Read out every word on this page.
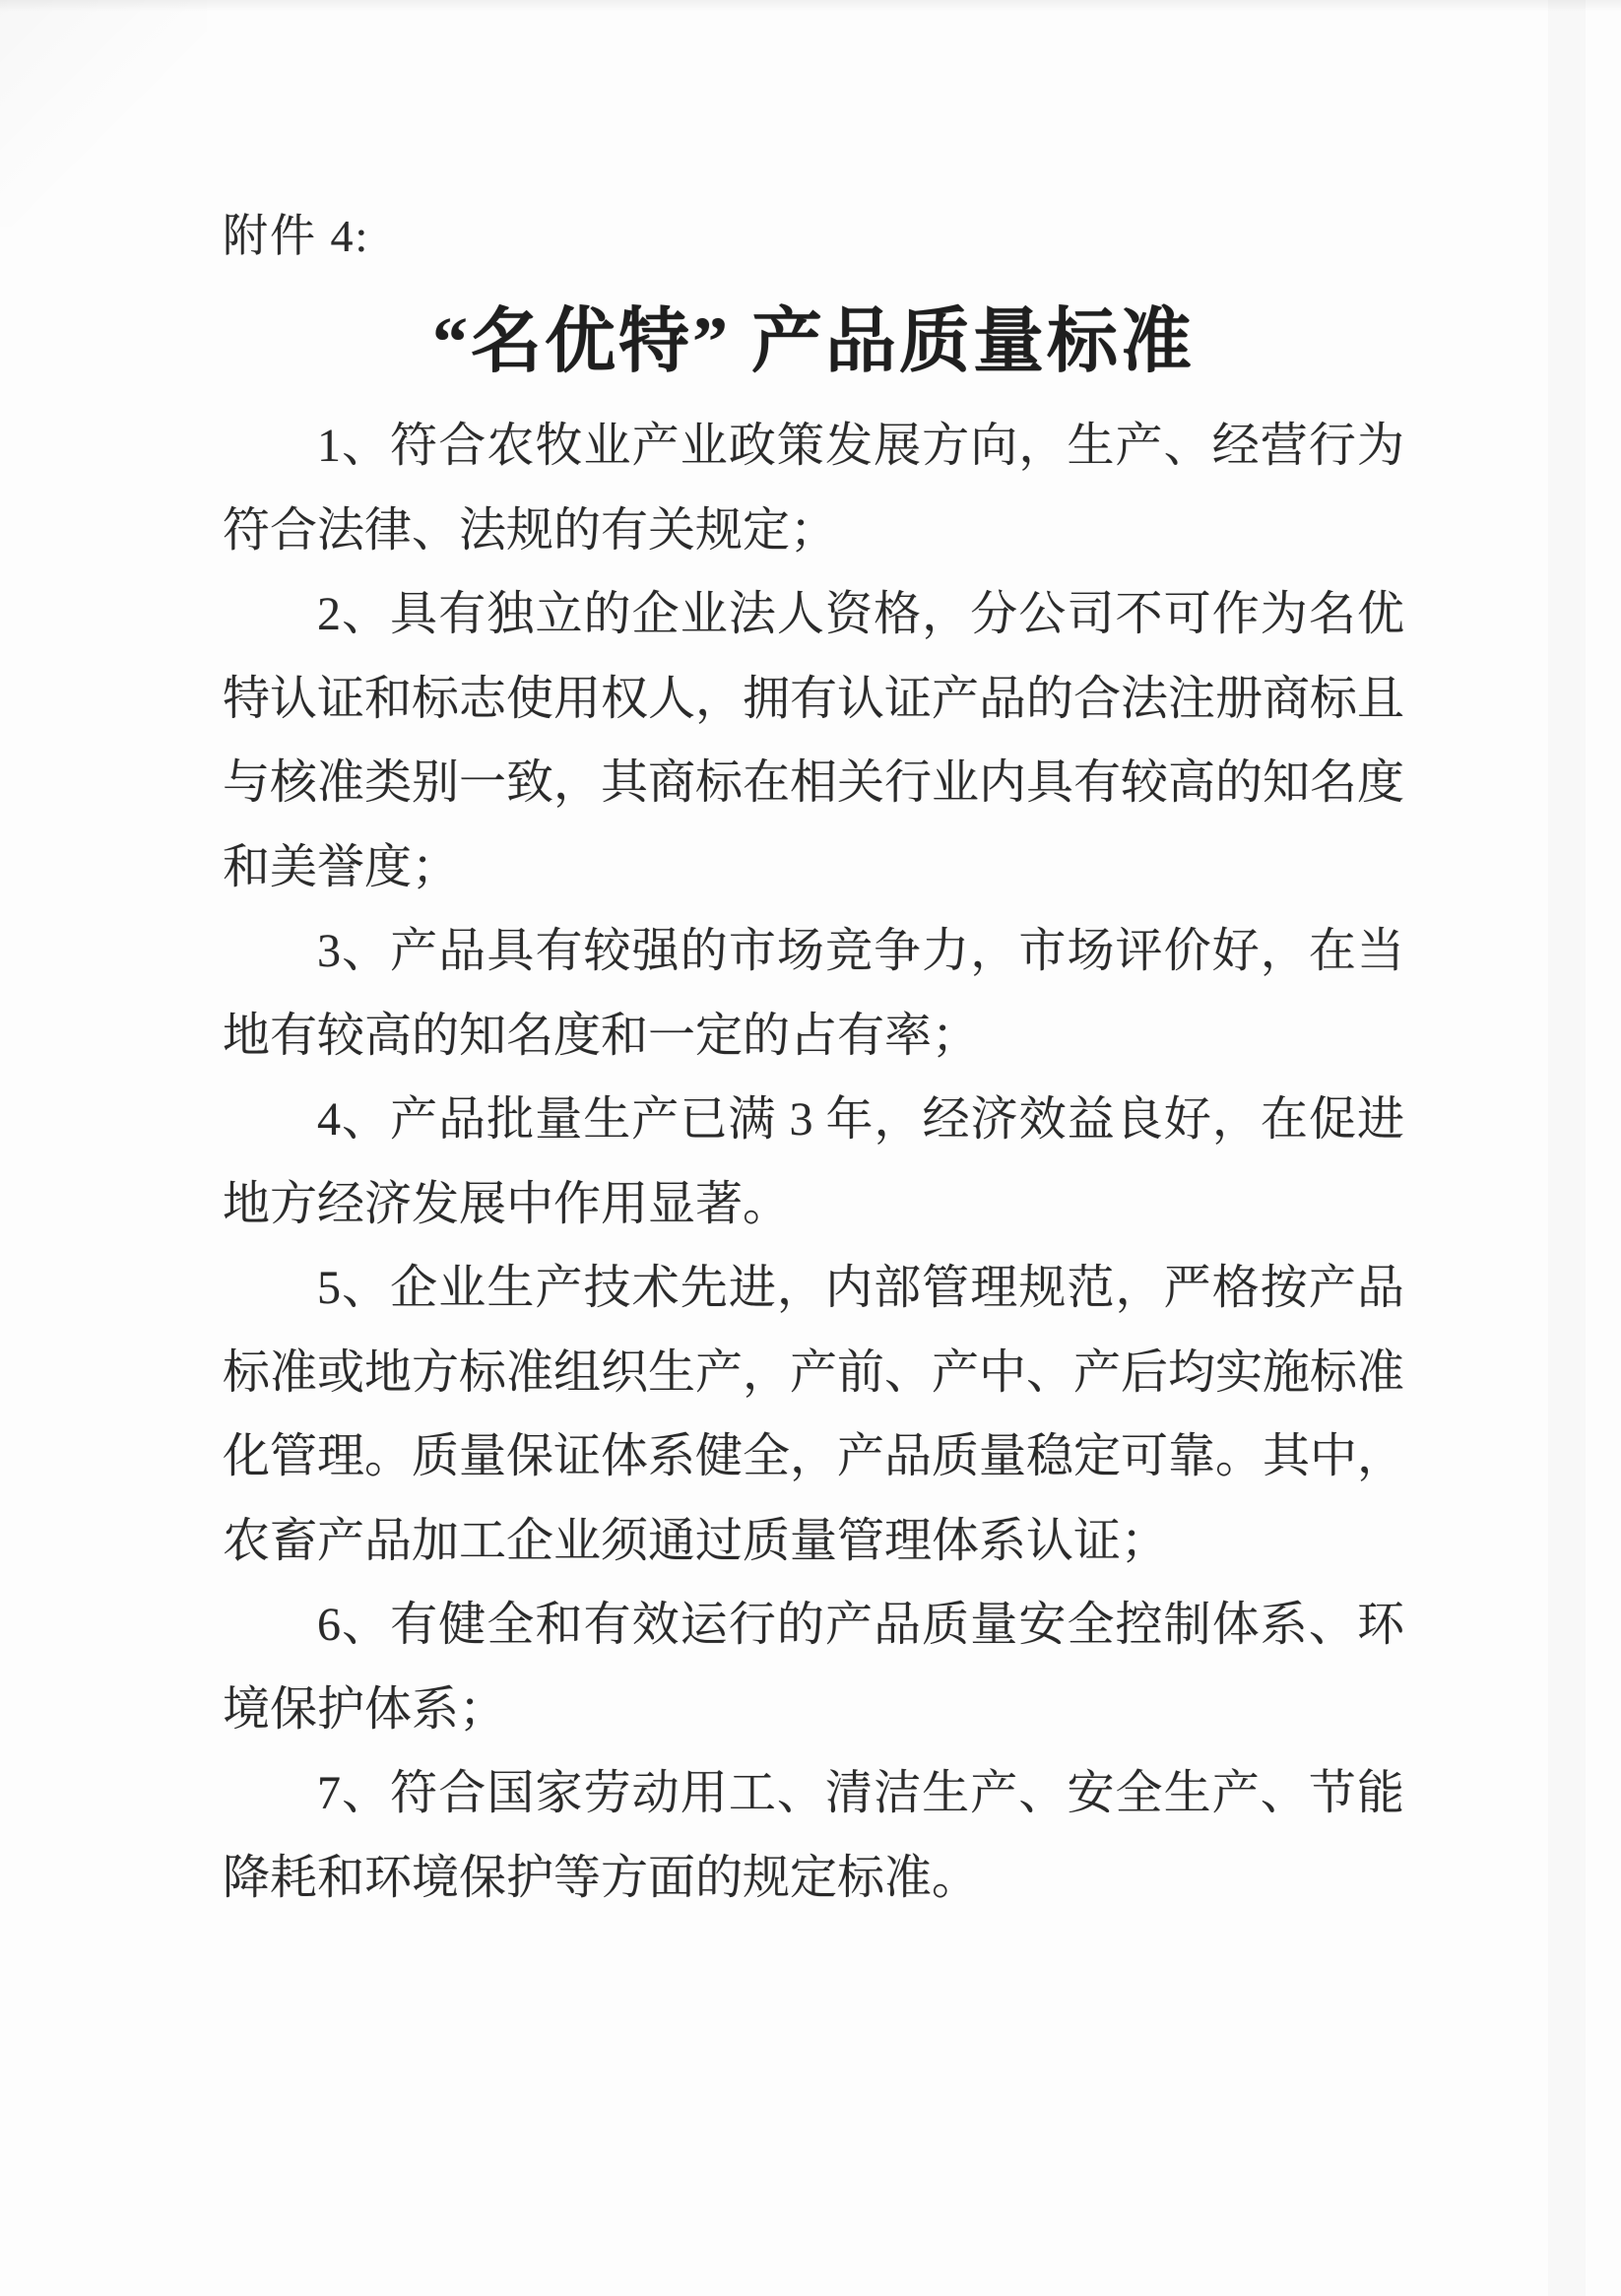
附件 4:
“名优特” 产品质量标准

1、符合农牧业产业政策发展方向，生产、经营行为符合法律、法规的有关规定；

2、具有独立的企业法人资格，分公司不可作为名优特认证和标志使用权人，拥有认证产品的合法注册商标且与核准类别一致，其商标在相关行业内具有较高的知名度和美誉度；

3、产品具有较强的市场竞争力，市场评价好，在当地有较高的知名度和一定的占有率；

4、产品批量生产已满 3 年，经济效益良好，在促进地方经济发展中作用显著。

5、企业生产技术先进，内部管理规范，严格按产品标准或地方标准组织生产，产前、产中、产后均实施标准化管理。质量保证体系健全，产品质量稳定可靠。其中，农畜产品加工企业须通过质量管理体系认证；

6、有健全和有效运行的产品质量安全控制体系、环境保护体系；

7、符合国家劳动用工、清洁生产、安全生产、节能降耗和环境保护等方面的规定标准。
